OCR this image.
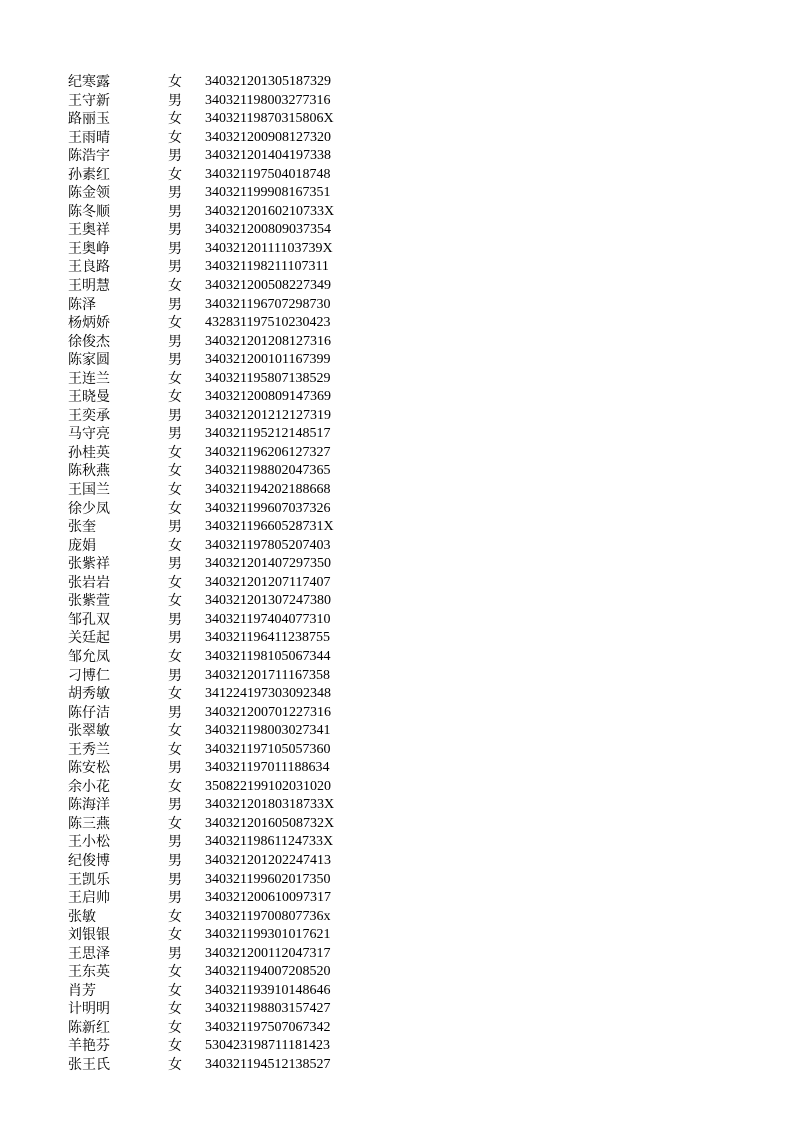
纪寒露	女 340321201305187329
王守新	男 340321198003277316
路丽玉	女 34032119870315806X
王雨晴	女 340321200908127320
陈浩宇	男 340321201404197338
孙素红	女 340321197504018748
陈金领	男 340321199908167351
陈冬顺	男 34032120160210733X
王奥祥	男 340321200809037354
王奥峥	男 34032120111103739X
王良路	男 340321198211107311
王明慧	女 340321200508227349
陈泽	男 340321196707298730
杨炳娇	女 432831197510230423
徐俊杰	男 340321201208127316
陈家圆	男 340321200101167399
王连兰	女 340321195807138529
王晓曼	女 340321200809147369
王奕承	男 340321201212127319
马守亮	男 340321195212148517
孙桂英	女 340321196206127327
陈秋燕	女 340321198802047365
王国兰	女 340321194202188668
徐少凤	女 340321199607037326
张奎	男 34032119660528731X
庞娟	女 340321197805207403
张紫祥	男 340321201407297350
张岩岩	女 340321201207117407
张紫萱	女 340321201307247380
邹孔双	男 340321197404077310
关廷起	男 340321196411238755
邹允凤	女 340321198105067344
刁博仁	男 340321201711167358
胡秀敏	女 341224197303092348
陈仔洁	男 340321200701227316
张翠敏	女 340321198003027341
王秀兰	女 340321197105057360
陈安松	男 340321197011188634
余小花	女 350822199102031020
陈海洋	男 34032120180318733X
陈三燕	女 34032120160508732X
王小松	男 34032119861124733X
纪俊博	男 340321201202247413
王凯乐	男 340321199602017350
王启帅	男 340321200610097317
张敏	女 34032119700807736x
刘银银	女 340321199301017621
王思泽	男 340321200112047317
王东英	女 340321194007208520
肖芳	女 340321193910148646
计明明	女 340321198803157427
陈新红	女 340321197507067342
羊艳芬	女 530423198711181423
张王氏	女 340321194512138527
